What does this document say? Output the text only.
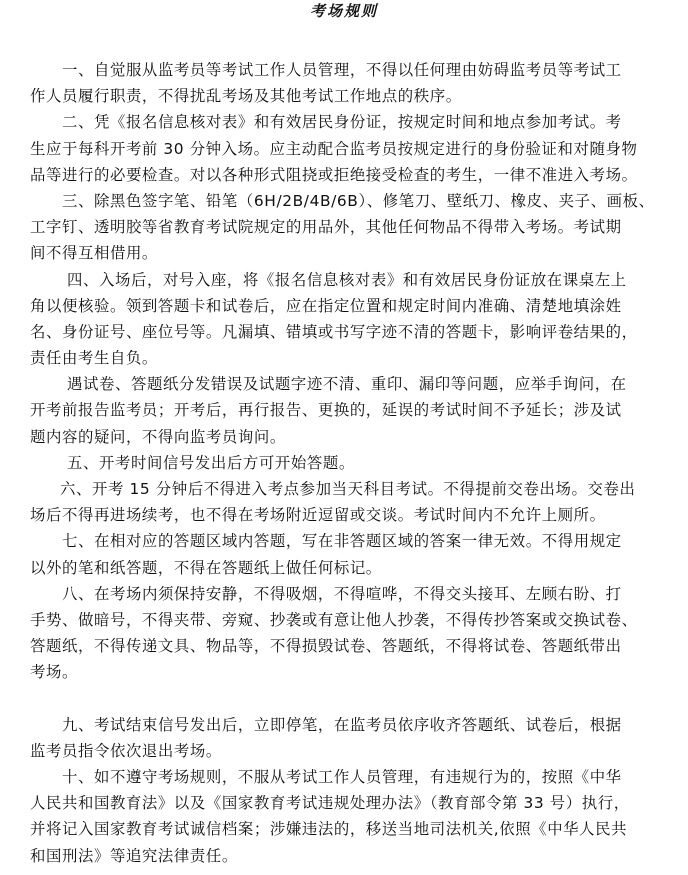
考场规则
一、自觉服从监考员等考试工作人员管理，不得以任何理由妨碍监考员等考试工
作人员履行职责，不得扰乱考场及其他考试工作地点的秩序。
二、凭《报名信息核对表》和有效居民身份证，按规定时间和地点参加考试。考
生应于每科开考前 30 分钟入场。应主动配合监考员按规定进行的身份验证和对随身物
品等进行的必要检查。对以各种形式阻挠或拒绝接受检查的考生，一律不准进入考场。
三、除黑色签字笔、铅笔（6H/2B/4B/6B）、修笔刀、壁纸刀、橡皮、夹子、画板、
工字钉、透明胶等省教育考试院规定的用品外，其他任何物品不得带入考场。考试期
间不得互相借用。
四、入场后，对号入座，将《报名信息核对表》和有效居民身份证放在课桌左上
角以便核验。领到答题卡和试卷后，应在指定位置和规定时间内准确、清楚地填涂姓
名、身份证号、座位号等。凡漏填、错填或书写字迹不清的答题卡，影响评卷结果的，
责任由考生自负。
遇试卷、答题纸分发错误及试题字迹不清、重印、漏印等问题，应举手询问，在
开考前报告监考员；开考后，再行报告、更换的，延误的考试时间不予延长；涉及试
题内容的疑问，不得向监考员询问。
五、开考时间信号发出后方可开始答题。
六、开考 15 分钟后不得进入考点参加当天科目考试。不得提前交卷出场。交卷出
场后不得再进场续考，也不得在考场附近逗留或交谈。考试时间内不允许上厕所。
七、在相对应的答题区域内答题，写在非答题区域的答案一律无效。不得用规定
以外的笔和纸答题，不得在答题纸上做任何标记。
八、在考场内须保持安静，不得吸烟，不得喧哗，不得交头接耳、左顾右盼、打
手势、做暗号，不得夹带、旁窥、抄袭或有意让他人抄袭，不得传抄答案或交换试卷、
答题纸，不得传递文具、物品等，不得损毁试卷、答题纸，不得将试卷、答题纸带出
考场。
九、考试结束信号发出后，立即停笔，在监考员依序收齐答题纸、试卷后，根据
监考员指令依次退出考场。
十、如不遵守考场规则，不服从考试工作人员管理，有违规行为的，按照《中华
人民共和国教育法》以及《国家教育考试违规处理办法》（教育部令第 33 号）执行，
并将记入国家教育考试诚信档案；涉嫌违法的，移送当地司法机关,依照《中华人民共
和国刑法》等追究法律责任。
